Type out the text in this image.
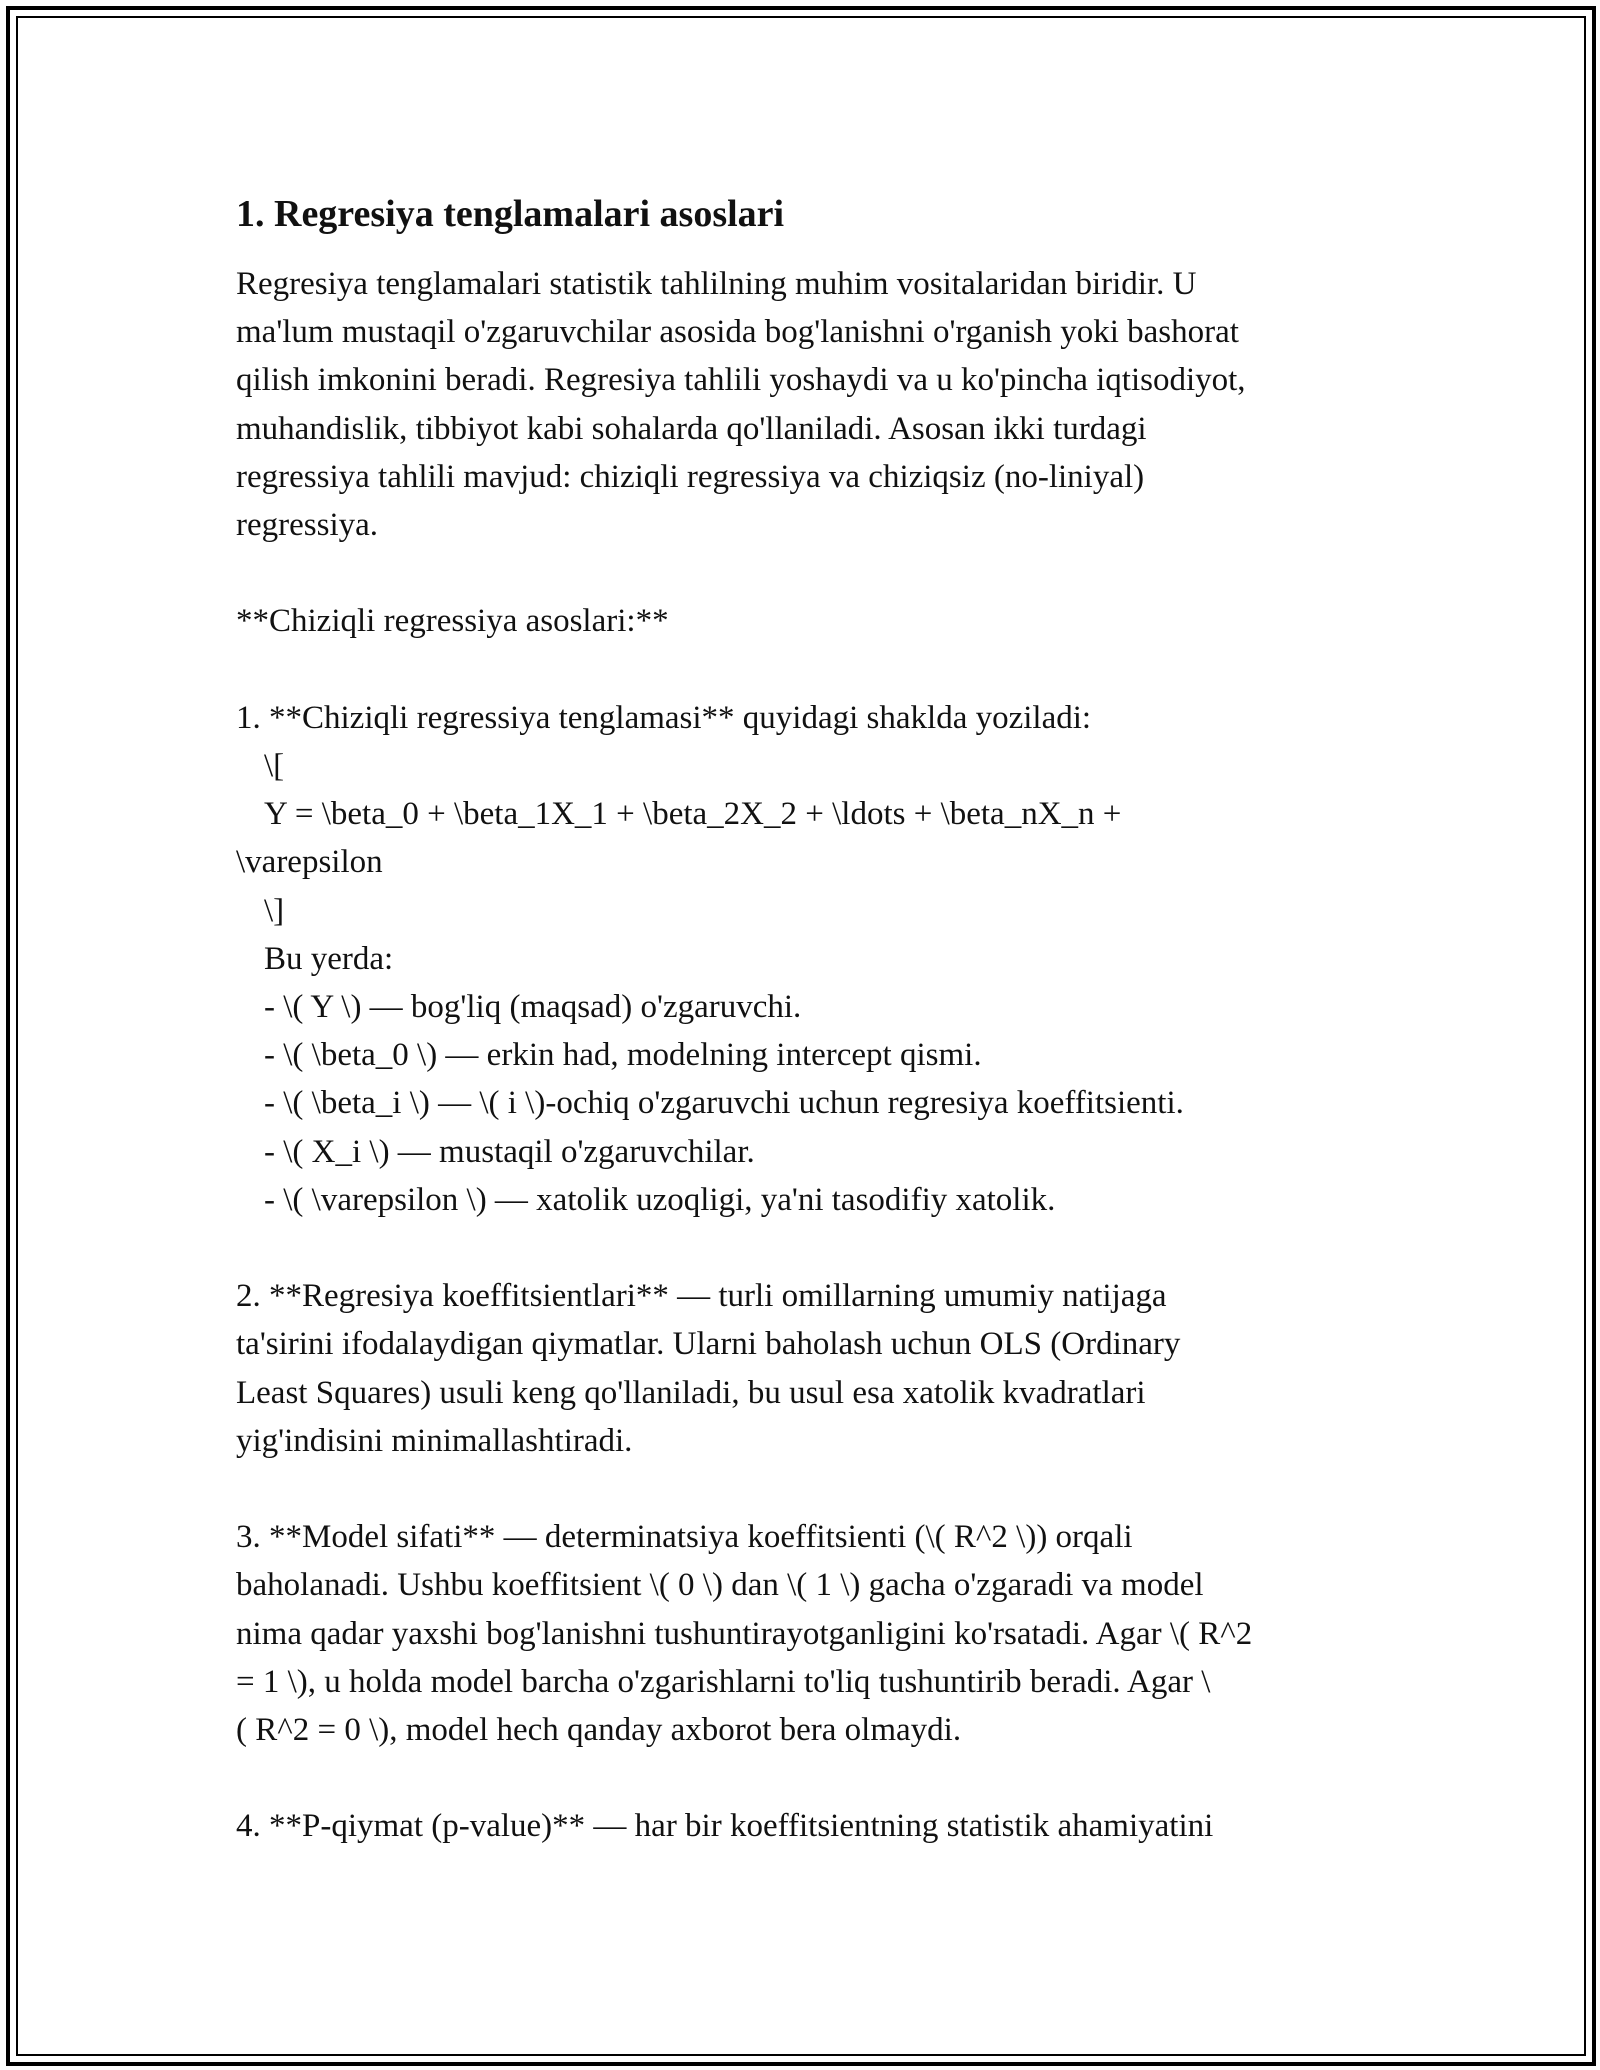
1. Regresiya tenglamalari asoslari
Regresiya tenglamalari statistik tahlilning muhim vositalaridan biridir. U
ma'lum mustaqil o'zgaruvchilar asosida bog'lanishni o'rganish yoki bashorat
qilish imkonini beradi. Regresiya tahlili yoshaydi va u ko'pincha iqtisodiyot,
muhandislik, tibbiyot kabi sohalarda qo'llaniladi. Asosan ikki turdagi
regressiya tahlili mavjud: chiziqli regressiya va chiziqsiz (no-liniyal)
regressiya.
**Chiziqli regressiya asoslari:**
1. **Chiziqli regressiya tenglamasi** quyidagi shaklda yoziladi:
\[
Y = \beta_0 + \beta_1X_1 + \beta_2X_2 + \ldots + \beta_nX_n +
\varepsilon
\]
Bu yerda:
- \( Y \) — bog'liq (maqsad) o'zgaruvchi.
- \( \beta_0 \) — erkin had, modelning intercept qismi.
- \( \beta_i \) — \( i \)-ochiq o'zgaruvchi uchun regresiya koeffitsienti.
- \( X_i \) — mustaqil o'zgaruvchilar.
- \( \varepsilon \) — xatolik uzoqligi, ya'ni tasodifiy xatolik.
2. **Regresiya koeffitsientlari** — turli omillarning umumiy natijaga
ta'sirini ifodalaydigan qiymatlar. Ularni baholash uchun OLS (Ordinary
Least Squares) usuli keng qo'llaniladi, bu usul esa xatolik kvadratlari
yig'indisini minimallashtiradi.
3. **Model sifati** — determinatsiya koeffitsienti (\( R^2 \)) orqali
baholanadi. Ushbu koeffitsient \( 0 \) dan \( 1 \) gacha o'zgaradi va model
nima qadar yaxshi bog'lanishni tushuntirayotganligini ko'rsatadi. Agar \( R^2
= 1 \), u holda model barcha o'zgarishlarni to'liq tushuntirib beradi. Agar \
( R^2 = 0 \), model hech qanday axborot bera olmaydi.
4. **P-qiymat (p-value)** — har bir koeffitsientning statistik ahamiyatini
